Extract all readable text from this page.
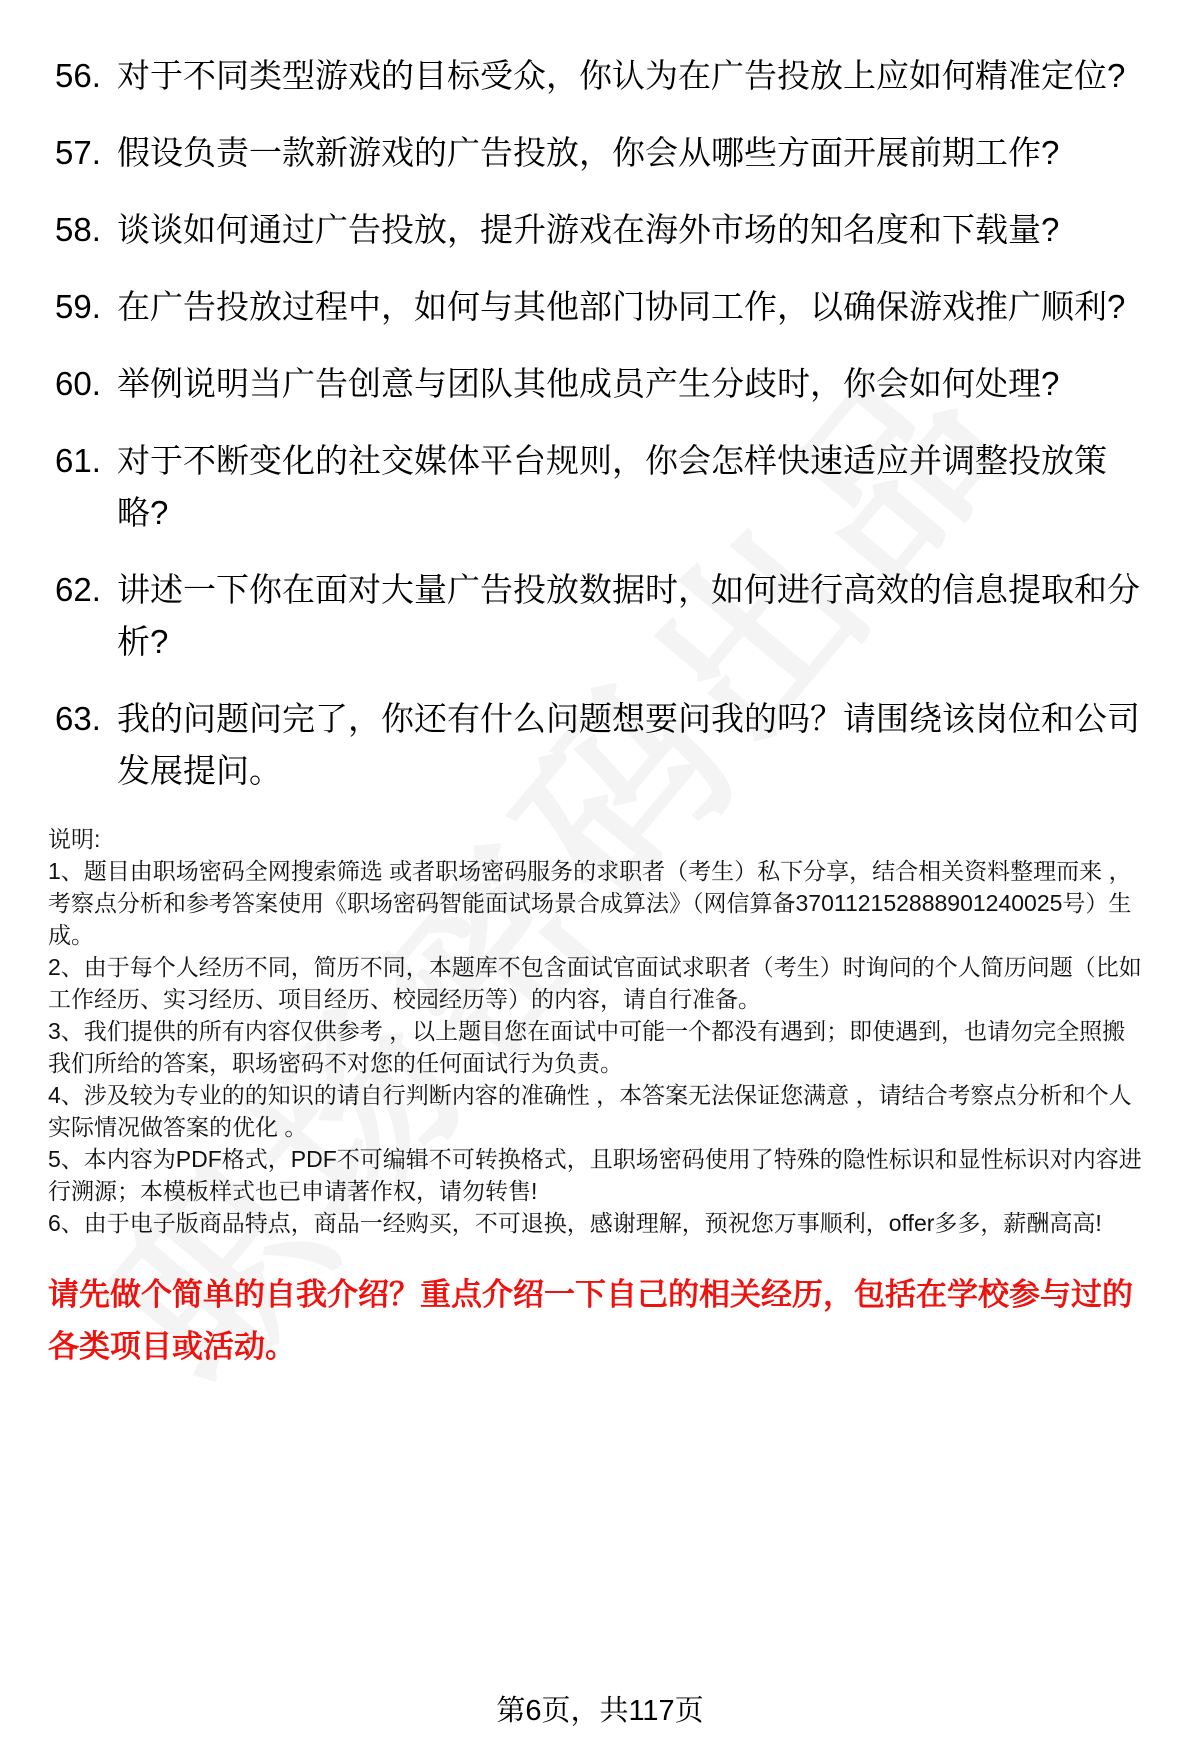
56. 对于不同类型游戏的目标受众，你认为在广告投放上应如何精准定位?
57. 假设负责一款新游戏的广告投放，你会从哪些方面开展前期工作?
58. 谈谈如何通过广告投放，提升游戏在海外市场的知名度和下载量?
59. 在广告投放过程中，如何与其他部门协同工作，以确保游戏推广顺利?
60. 举例说明当广告创意与团队其他成员产生分歧时，你会如何处理?
61. 对于不断变化的社交媒体平台规则，你会怎样快速适应并调整投放策略?
62. 讲述一下你在面对大量广告投放数据时，如何进行高效的信息提取和分析?
63. 我的问题问完了，你还有什么问题想要问我的吗？请围绕该岗位和公司发展提问。

说明:

1、题目由职场密码全网搜索筛选 或者职场密码服务的求职者（考生）私下分享，结合相关资料整理而来 ，考察点分析和参考答案使用《职场密码智能面试场景合成算法》（网信算备370112152888901240025号）生成。

2、由于每个人经历不同，简历不同，本题库不包含面试官面试求职者（考生）时询问的个人简历问题（比如工作经历、实习经历、项目经历、校园经历等）的内容，请自行准备。

3、我们提供的所有内容仅供参考 ，以上题目您在面试中可能一个都没有遇到；即使遇到，也请勿完全照搬我们所给的答案，职场密码不对您的任何面试行为负责。

4、涉及较为专业的的知识的请自行判断内容的准确性 ，本答案无法保证您满意 ，请结合考察点分析和个人实际情况做答案的优化 。

5、本内容为PDF格式，PDF不可编辑不可转换格式，且职场密码使用了特殊的隐性标识和显性标识对内容进行溯源；本模板样式也已申请著作权，请勿转售!

6、由于电子版商品特点，商品一经购买，不可退换，感谢理解，预祝您万事顺利，offer多多，薪酬高高!

请先做个简单的自我介绍？重点介绍一下自己的相关经历，包括在学校参与过的各类项目或活动。
第6页，共117页
